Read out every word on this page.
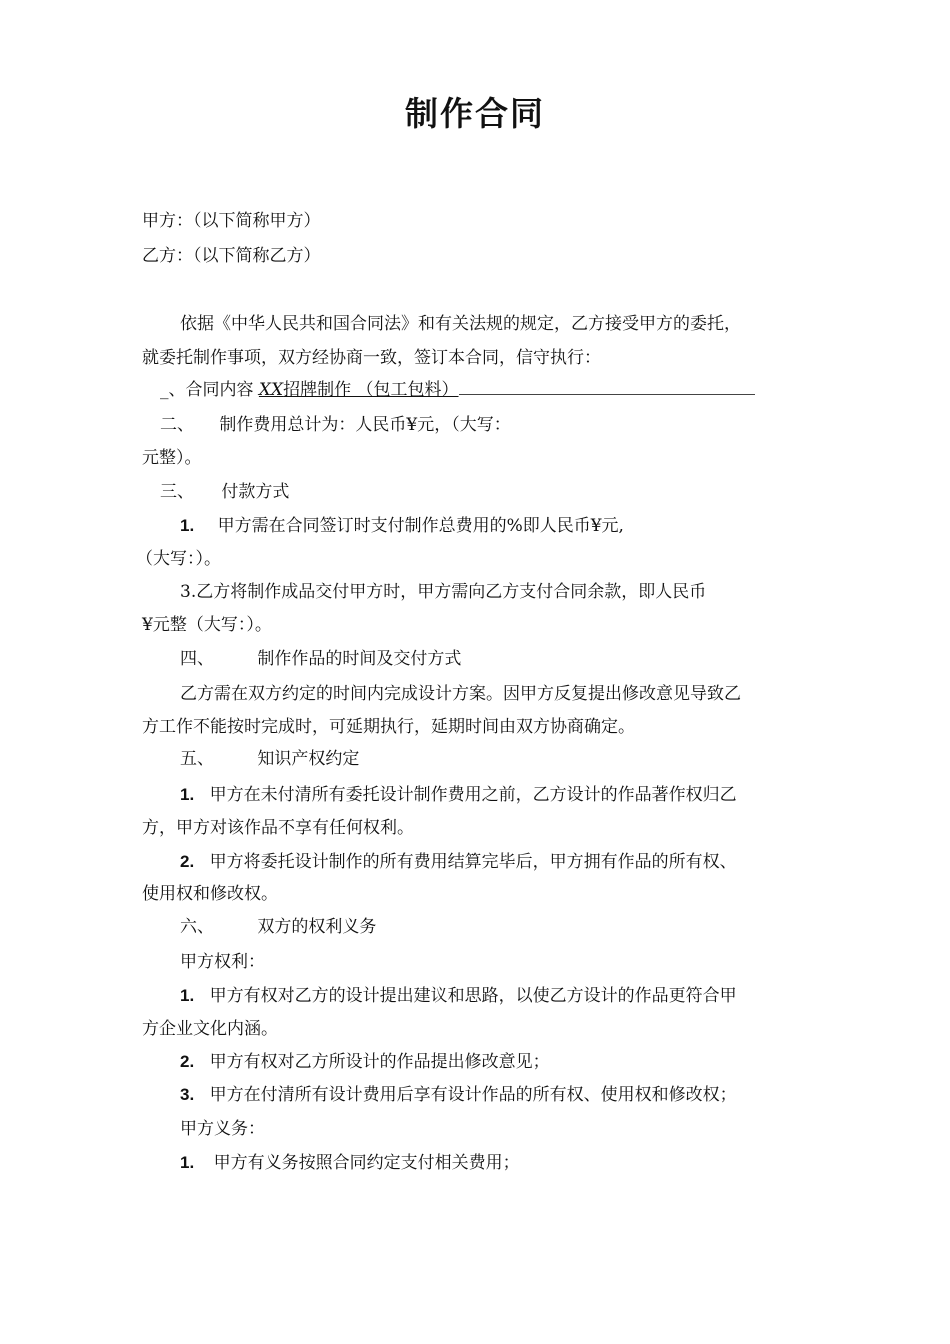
制作合同
甲方：（以下简称甲方）
乙方：（以下简称乙方）
依据《中华人民共和国合同法》和有关法规的规定，乙方接受甲方的委托，
就委托制作事项，双方经协商一致，签订本合同，信守执行：
_、合同内容 XX招牌制作 （包工包料）
二、 制作费用总计为：人民币¥元，（大写：
元整）。
三、 付款方式
1. 甲方需在合同签订时支付制作总费用的%即人民币¥元,
（大写：）。
3.乙方将制作成品交付甲方时，甲方需向乙方支付合同余款，即人民币
¥元整（大写：）。
四、	制作作品的时间及交付方式
乙方需在双方约定的时间内完成设计方案。因甲方反复提出修改意见导致乙
方工作不能按时完成时，可延期执行，延期时间由双方协商确定。
五、	知识产权约定
1. 甲方在未付清所有委托设计制作费用之前，乙方设计的作品著作权归乙
方，甲方对该作品不享有任何权利。
2. 甲方将委托设计制作的所有费用结算完毕后，甲方拥有作品的所有权、
使用权和修改权。
六、	双方的权利义务
甲方权利：
1. 甲方有权对乙方的设计提出建议和思路，以使乙方设计的作品更符合甲
方企业文化内涵。
2. 甲方有权对乙方所设计的作品提出修改意见；
3. 甲方在付清所有设计费用后享有设计作品的所有权、使用权和修改权；
甲方义务：
1. 甲方有义务按照合同约定支付相关费用；
